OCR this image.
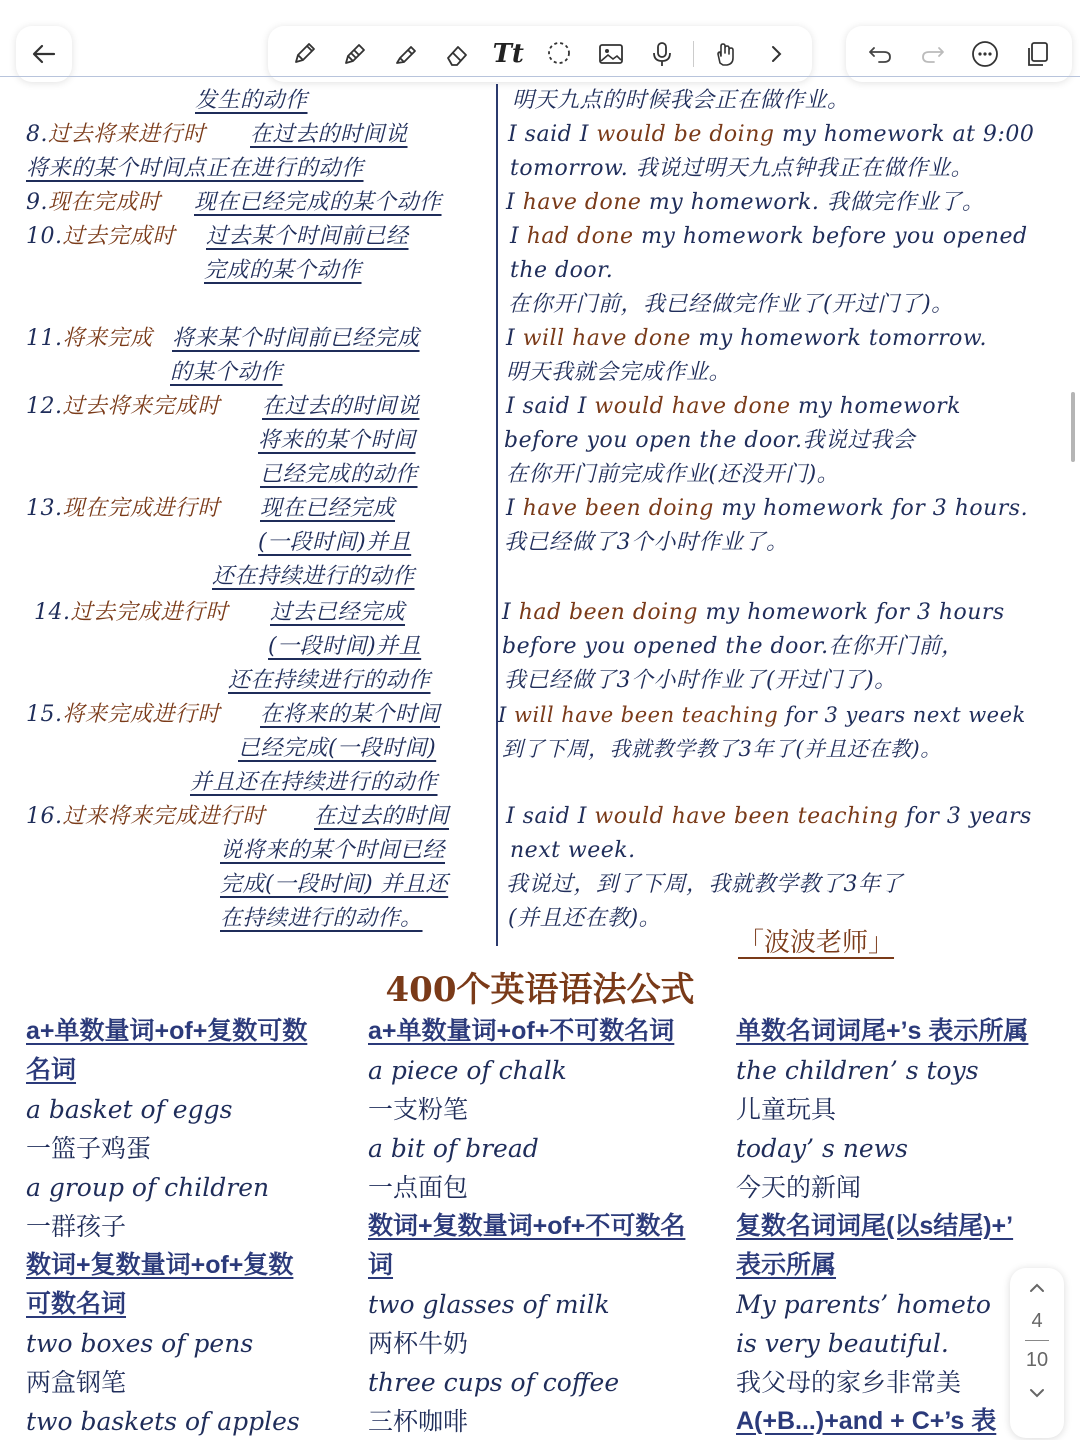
Tt
发生的动作	明天九点的时候我会正在做作业。
8.过去将来进行时 在过去的时间说
将来的某个时间点正在进行的动作
I said I would be doing my homework at 9:00
tomorrow. 我说过明天九点钟我正在做作业。
9.现在完成时 现在已经完成的某个动作	I have done my homework. 我做完作业了。
10.过去完成时 过去某个时间前已经
完成的某个动作
I had done my homework before you opened
the door.
在你开门前，我已经做完作业了(开过门了)。
11.将来完成 将来某个时间前已经完成
的某个动作
I will have done my homework tomorrow.
明天我就会完成作业。
12.过去将来完成时 在过去的时间说
将来的某个时间
已经完成的动作
I said I would have done my homework
before you open the door.我说过我会
在你开门前完成作业(还没开门)。
13.现在完成进行时 现在已经完成
(一段时间)并且
还在持续进行的动作
I have been doing my homework for 3 hours.
我已经做了3个小时作业了。
14.过去完成进行时 过去已经完成
(一段时间)并且
还在持续进行的动作
I had been doing my homework for 3 hours
before you opened the door.在你开门前，
我已经做了3个小时作业了(开过门了)。
15.将来完成进行时 在将来的某个时间
已经完成(一段时间)
并且还在持续进行的动作
I will have been teaching for 3 years next week
到了下周，我就教学教了3年了(并且还在教)。
16.过来将来完成进行时 在过去的时间
说将来的某个时间已经
完成(一段时间) 并且还
在持续进行的动作。
I said I would have been teaching for 3 years
next week.
我说过，到了下周，我就教学教了3年了
(并且还在教)。
「波波老师」
400个英语语法公式
a+单数量词+of+复数可数
名词
a basket of eggs
一篮子鸡蛋
a group of children
一群孩子
数词+复数量词+of+复数
可数名词
two boxes of pens
两盒钢笔
two baskets of apples
a+单数量词+of+不可数名词
a piece of chalk
一支粉笔
a bit of bread
一点面包
数词+复数量词+of+不可数名
词
two glasses of milk
两杯牛奶
three cups of coffee
三杯咖啡
单数名词词尾+’s 表示所属
the children’ s toys
儿童玩具
today’ s news
今天的新闻
复数名词词尾(以s结尾)+’
表示所属
My parents’ hometo
is very beautiful.
我父母的家乡非常美
A(+B...)+and + C+’s 表
4
10
